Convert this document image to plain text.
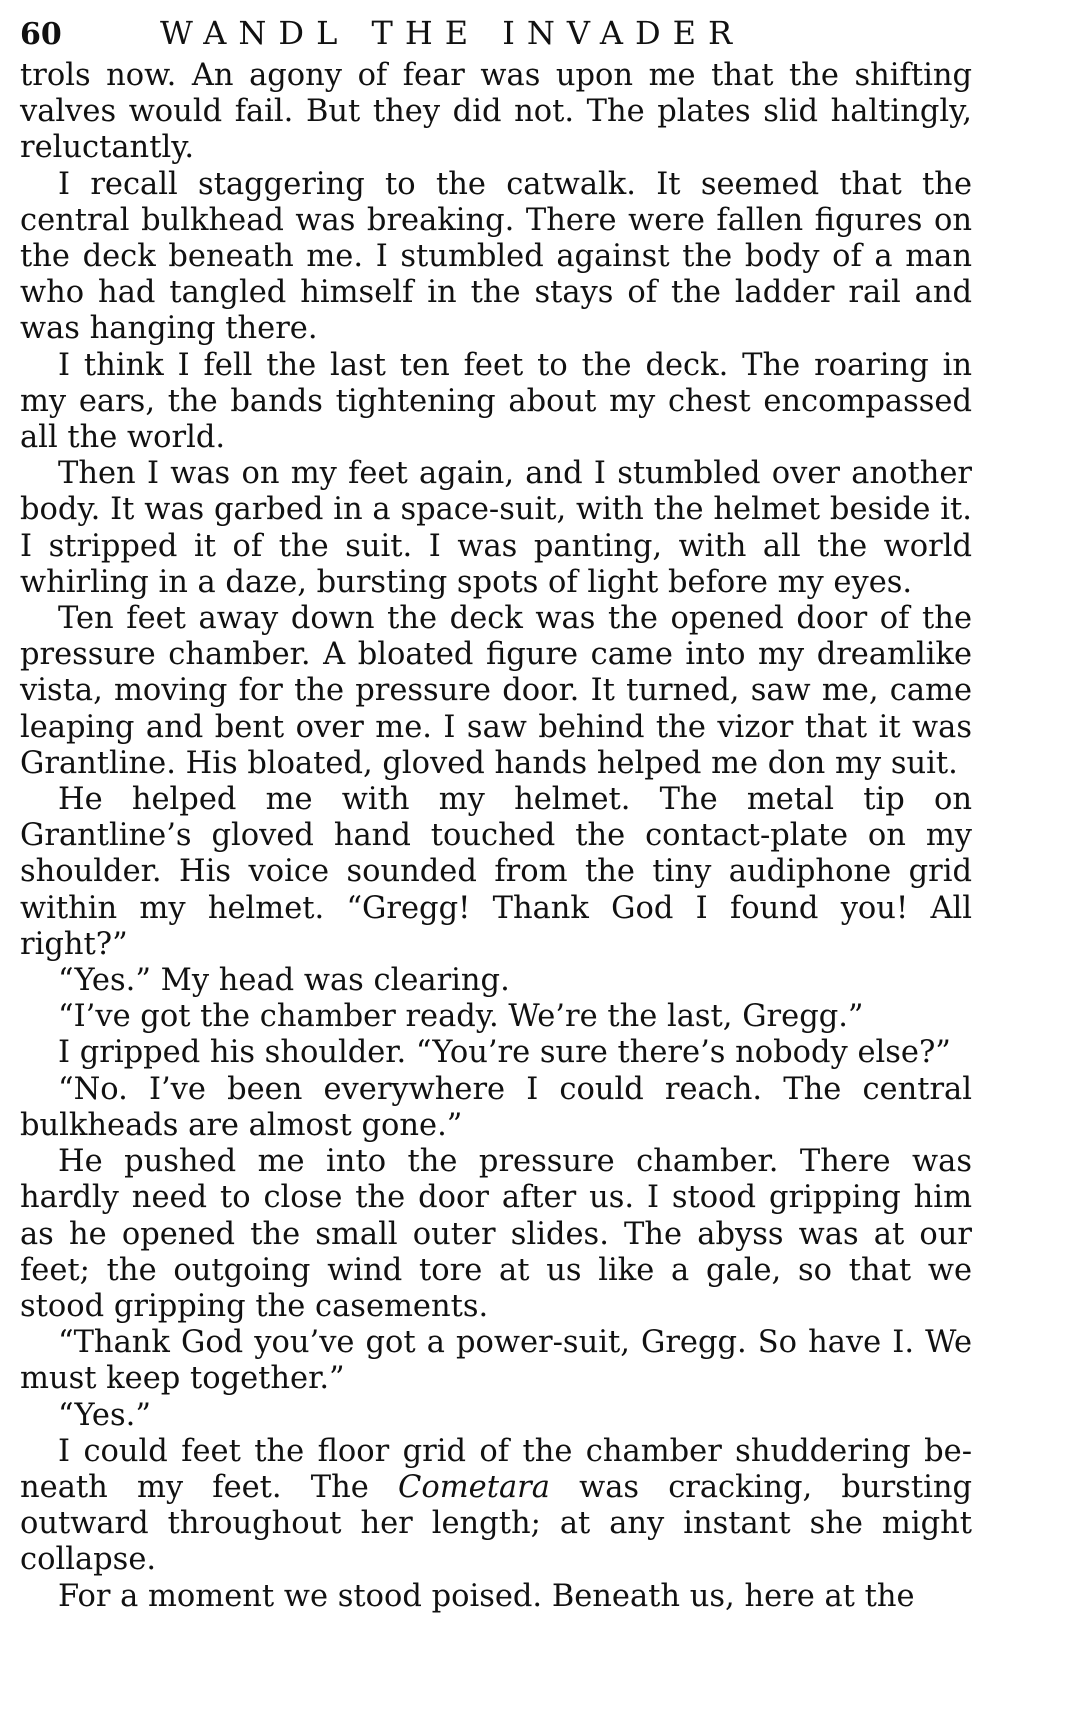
60	WANDL THE INVADER

trols now. An agony of fear was upon me that the shifting valves would fail. But they did not. The plates slid haltingly, reluctantly.

I recall staggering to the catwalk. It seemed that the central bulkhead was breaking. There were fallen figures on the deck beneath me. I stumbled against the body of a man who had tangled himself in the stays of the ladder rail and was hanging there.

I think I fell the last ten feet to the deck. The roaring in my ears, the bands tightening about my chest encompassed all the world.

Then I was on my feet again, and I stumbled over another body. It was garbed in a space-suit, with the helmet beside it. I stripped it of the suit. I was panting, with all the world whirling in a daze, bursting spots of light before my eyes.

Ten feet away down the deck was the opened door of the pressure chamber. A bloated figure came into my dreamlike vista, moving for the pressure door. It turned, saw me, came leaping and bent over me. I saw behind the vizor that it was Grantline. His bloated, gloved hands helped me don my suit.

He helped me with my helmet. The metal tip on Grantline’s gloved hand touched the contact-plate on my shoulder. His voice sounded from the tiny audiphone grid within my helmet. “Gregg! Thank God I found you! All right?”

“Yes.” My head was clearing.

“I’ve got the chamber ready. We’re the last, Gregg.”

I gripped his shoulder. “You’re sure there’s nobody else?”

“No. I’ve been everywhere I could reach. The central bulkheads are almost gone.”

He pushed me into the pressure chamber. There was hardly need to close the door after us. I stood gripping him as he opened the small outer slides. The abyss was at our feet; the outgoing wind tore at us like a gale, so that we stood gripping the casements.

“Thank God you’ve got a power-suit, Gregg. So have I. We must keep together.”

“Yes.”

I could feet the floor grid of the chamber shuddering beneath my feet. The Cometara was cracking, bursting outward throughout her length; at any instant she might collapse.

For a moment we stood poised. Beneath us, here at the
